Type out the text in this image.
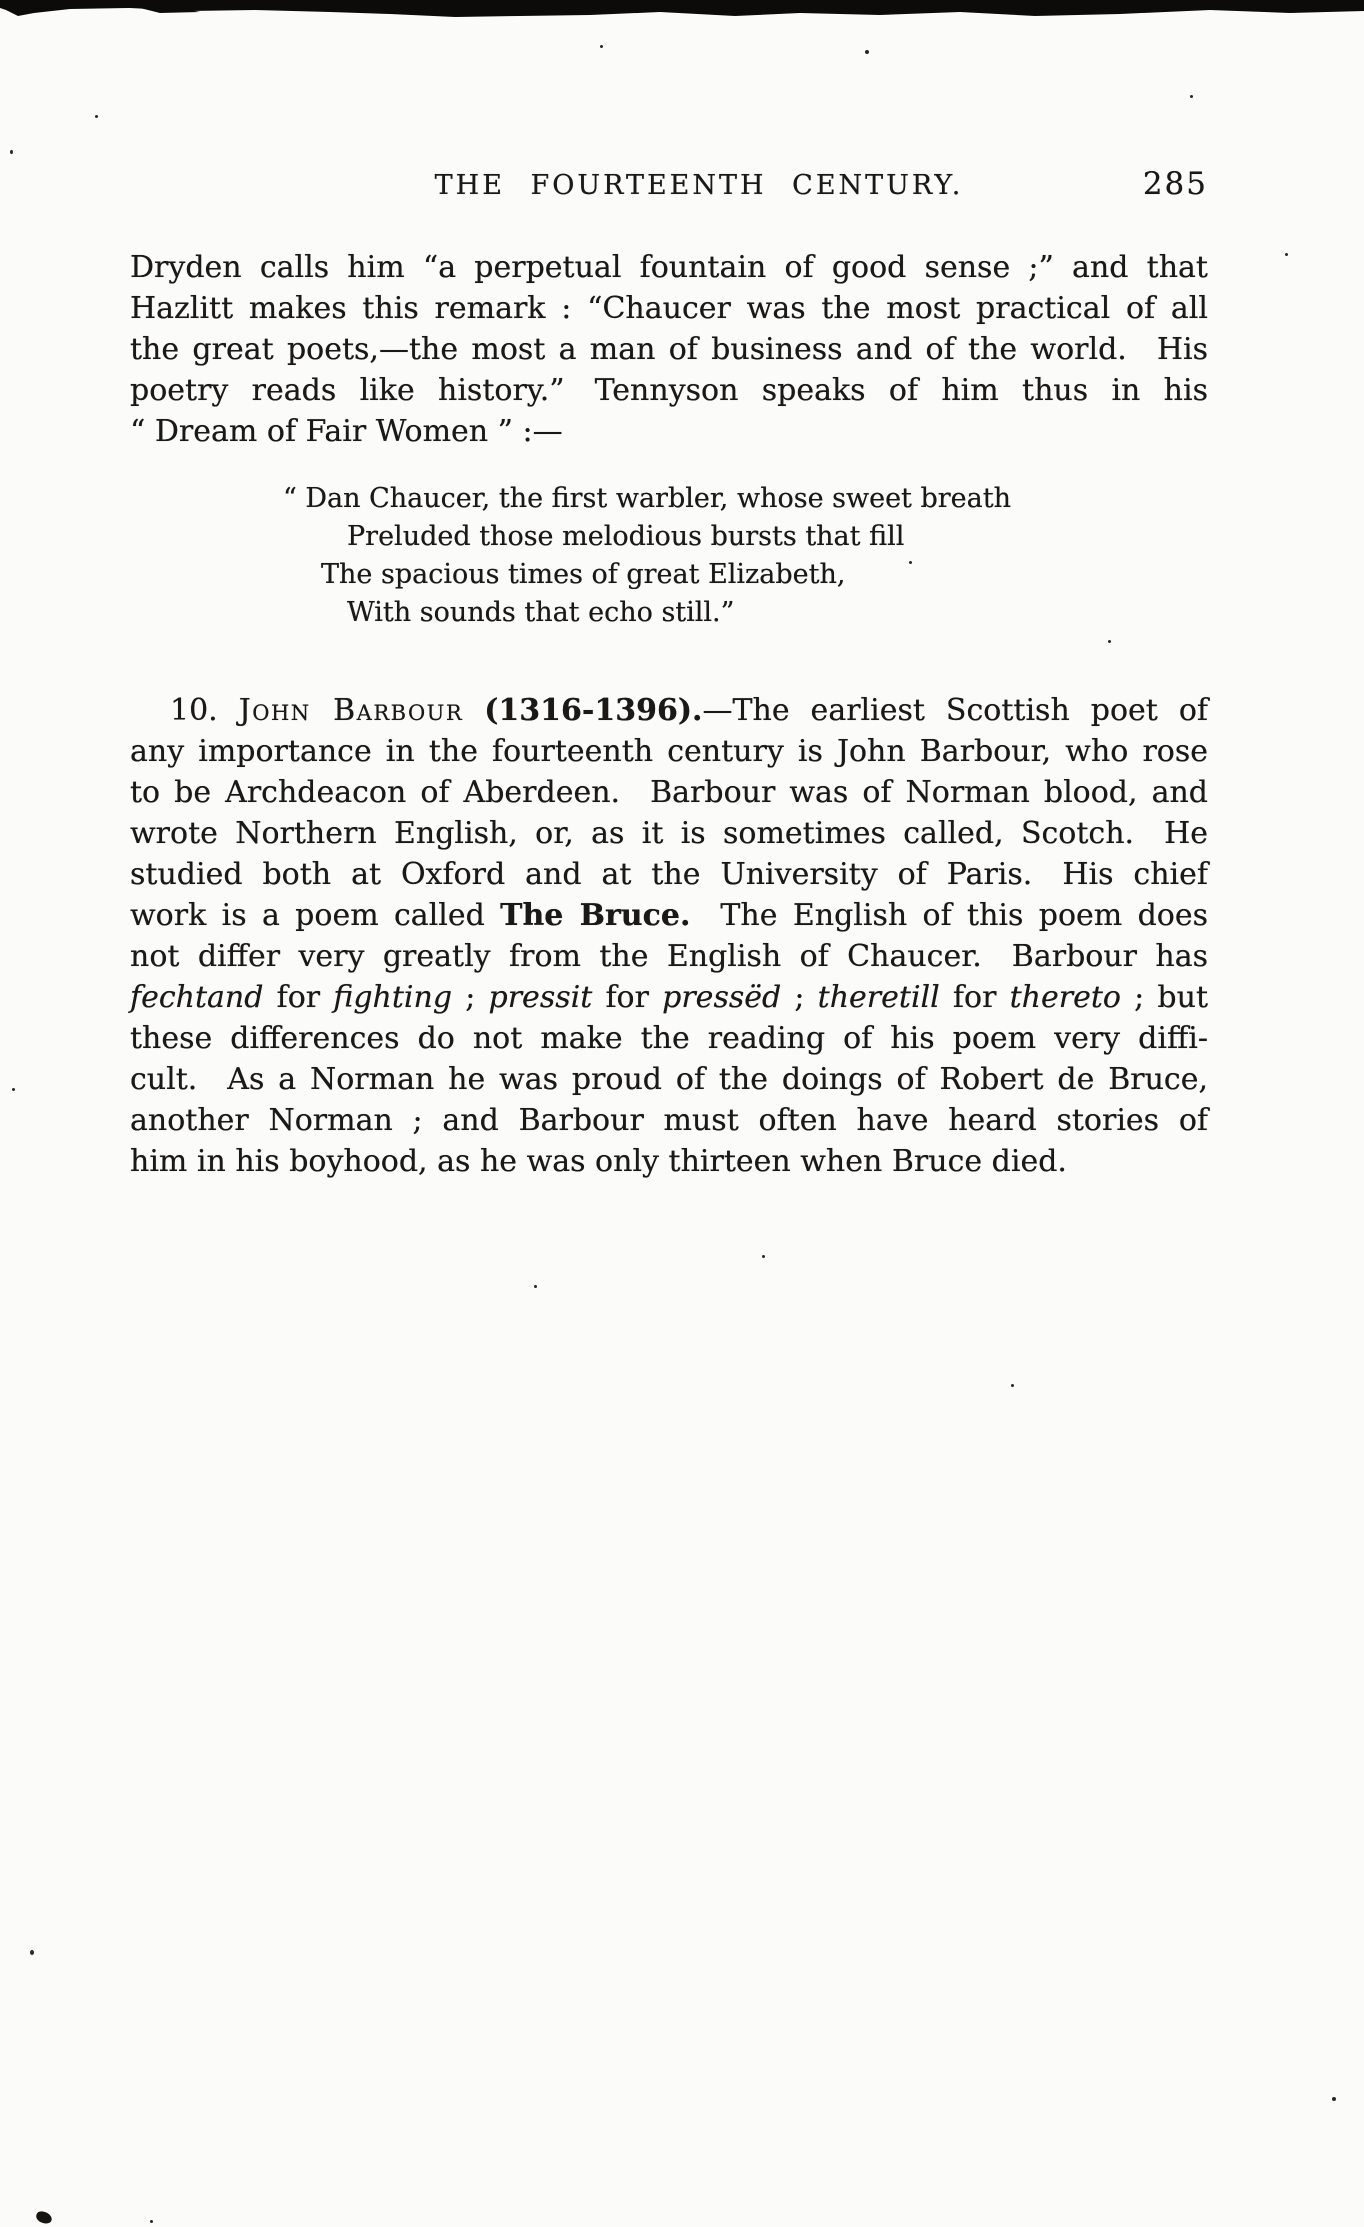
THE FOURTEENTH CENTURY.	285
Dryden calls him “a perpetual fountain of good sense ;” and that
Hazlitt makes this remark : “Chaucer was the most practical of all
the great poets,—the most a man of business and of the world. His
poetry reads like history.” Tennyson speaks of him thus in his
“ Dream of Fair Women ” :—
“ Dan Chaucer, the first warbler, whose sweet breath
Preluded those melodious bursts that fill
The spacious times of great Elizabeth,
With sounds that echo still.”
10. John Barbour (1316-1396).—The earliest Scottish poet of
any importance in the fourteenth century is John Barbour, who rose
to be Archdeacon of Aberdeen. Barbour was of Norman blood, and
wrote Northern English, or, as it is sometimes called, Scotch. He
studied both at Oxford and at the University of Paris. His chief
work is a poem called The Bruce. The English of this poem does
not differ very greatly from the English of Chaucer. Barbour has
fechtand for fighting ; pressit for pressëd ; theretill for thereto ; but
these differences do not make the reading of his poem very diffi-
cult. As a Norman he was proud of the doings of Robert de Bruce,
another Norman ; and Barbour must often have heard stories of
him in his boyhood, as he was only thirteen when Bruce died.
